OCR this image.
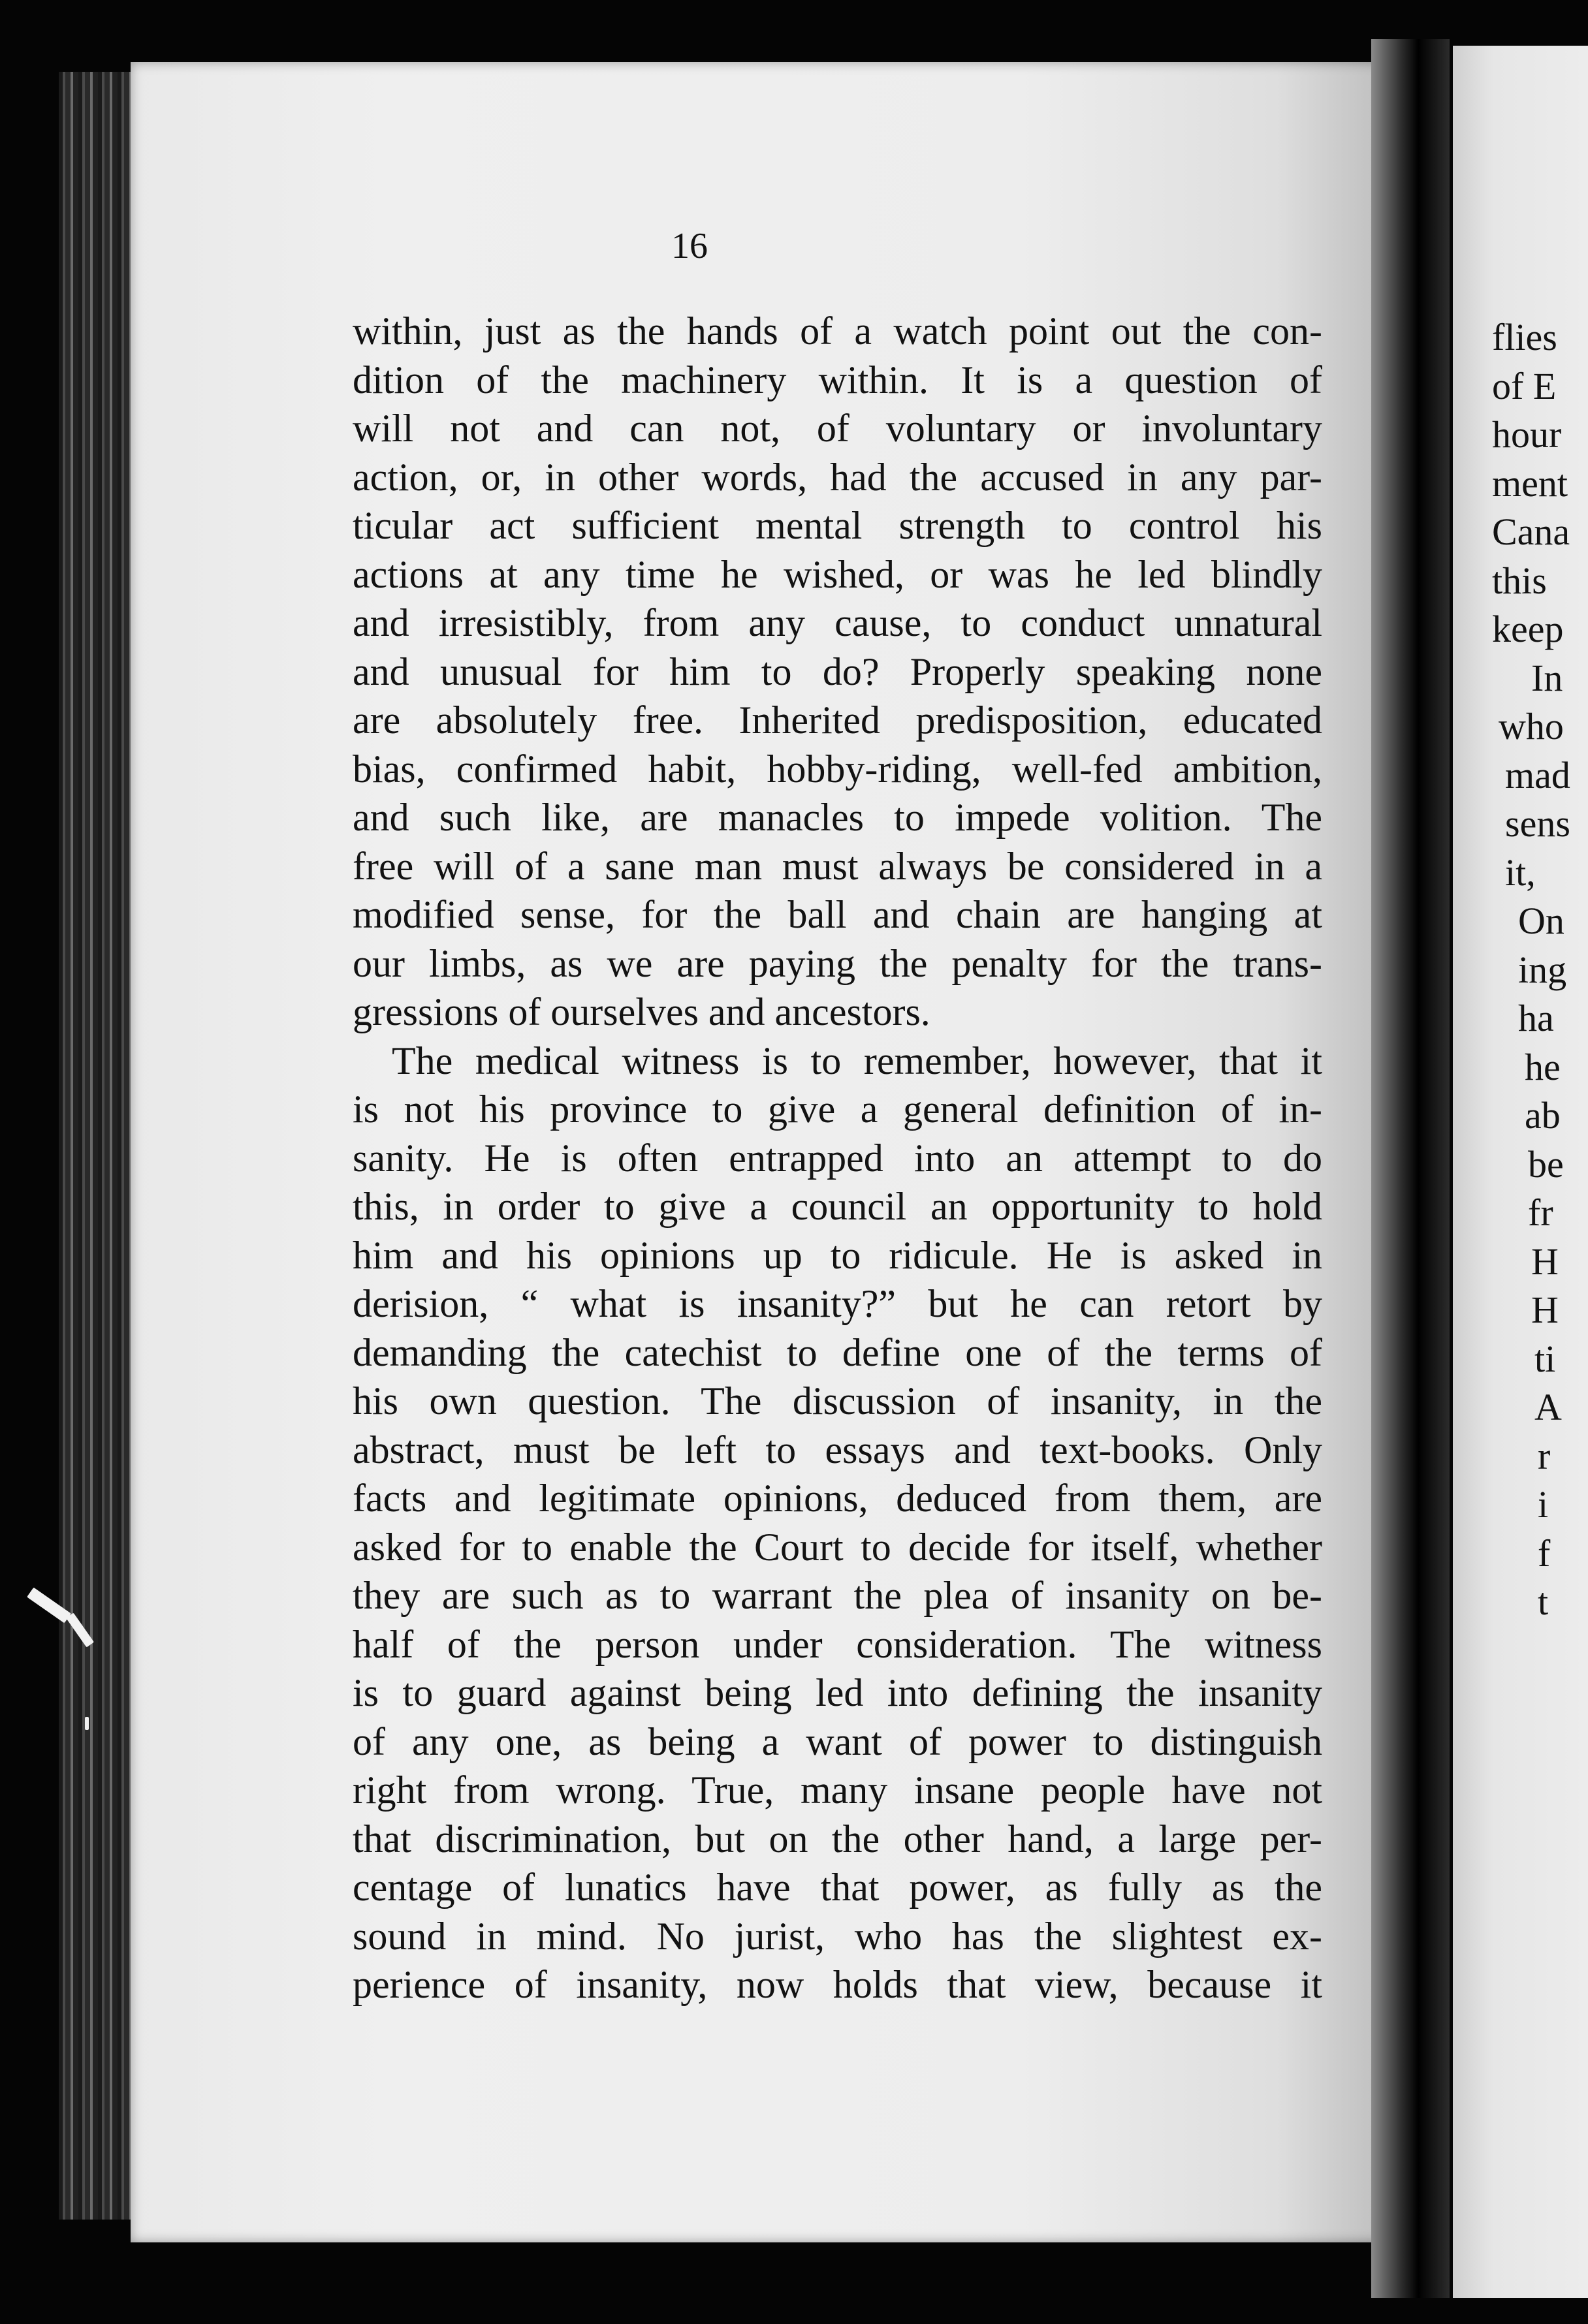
16
within, just as the hands of a watch point out the con-
dition of the machinery within. It is a question of
will not and can not, of voluntary or involuntary
action, or, in other words, had the accused in any par-
ticular act sufficient mental strength to control his
actions at any time he wished, or was he led blindly
and irresistibly, from any cause, to conduct unnatural
and unusual for him to do? Properly speaking none
are absolutely free. Inherited predisposition, educated
bias, confirmed habit, hobby-riding, well-fed ambition,
and such like, are manacles to impede volition. The
free will of a sane man must always be considered in a
modified sense, for the ball and chain are hanging at
our limbs, as we are paying the penalty for the trans-
gressions of ourselves and ancestors.
The medical witness is to remember, however, that it
is not his province to give a general definition of in-
sanity. He is often entrapped into an attempt to do
this, in order to give a council an opportunity to hold
him and his opinions up to ridicule. He is asked in
derision, “ what is insanity?” but he can retort by
demanding the catechist to define one of the terms of
his own question. The discussion of insanity, in the
abstract, must be left to essays and text-books. Only
facts and legitimate opinions, deduced from them, are
asked for to enable the Court to decide for itself, whether
they are such as to warrant the plea of insanity on be-
half of the person under consideration. The witness
is to guard against being led into defining the insanity
of any one, as being a want of power to distinguish
right from wrong. True, many insane people have not
that discrimination, but on the other hand, a large per-
centage of lunatics have that power, as fully as the
sound in mind. No jurist, who has the slightest ex-
perience of insanity, now holds that view, because it
flies
of E
hour
ment
Cana
this
keep
In
who
mad
sens
it,
On
ing
ha
he
ab
be
fr
H
H
ti
A
r
i
f
t
